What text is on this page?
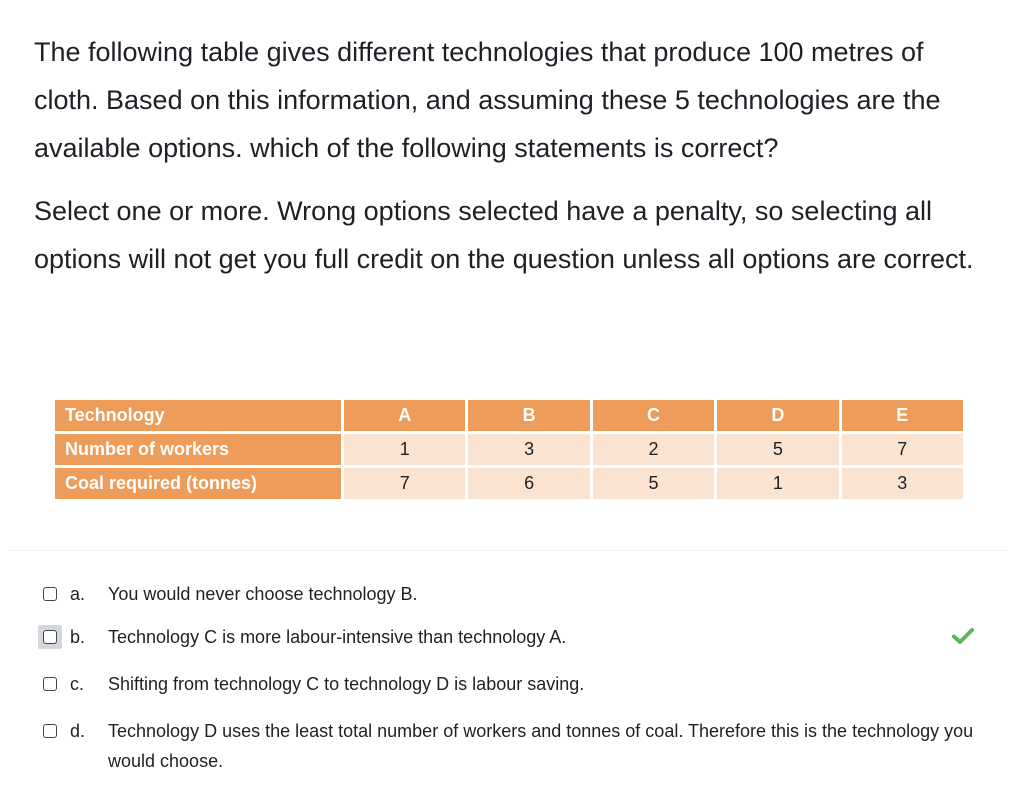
The following table gives different technologies that produce 100 metres of cloth. Based on this information, and assuming these 5 technologies are the available options. which of the following statements is correct?

Select one or more. Wrong options selected have a penalty, so selecting all options will not get you full credit on the question unless all options are correct.

Technology	A	B	C	D	E

Number of workers	1	3	2	5	7

Coal required (tonnes)	7	6	5	1	3
a.	You would never choose technology B.
b.	Technology C is more labour-intensive than technology A.
c.	Shifting from technology C to technology D is labour saving.
d.	Technology D uses the least total number of workers and tonnes of coal. Therefore this is the technology you would choose.
